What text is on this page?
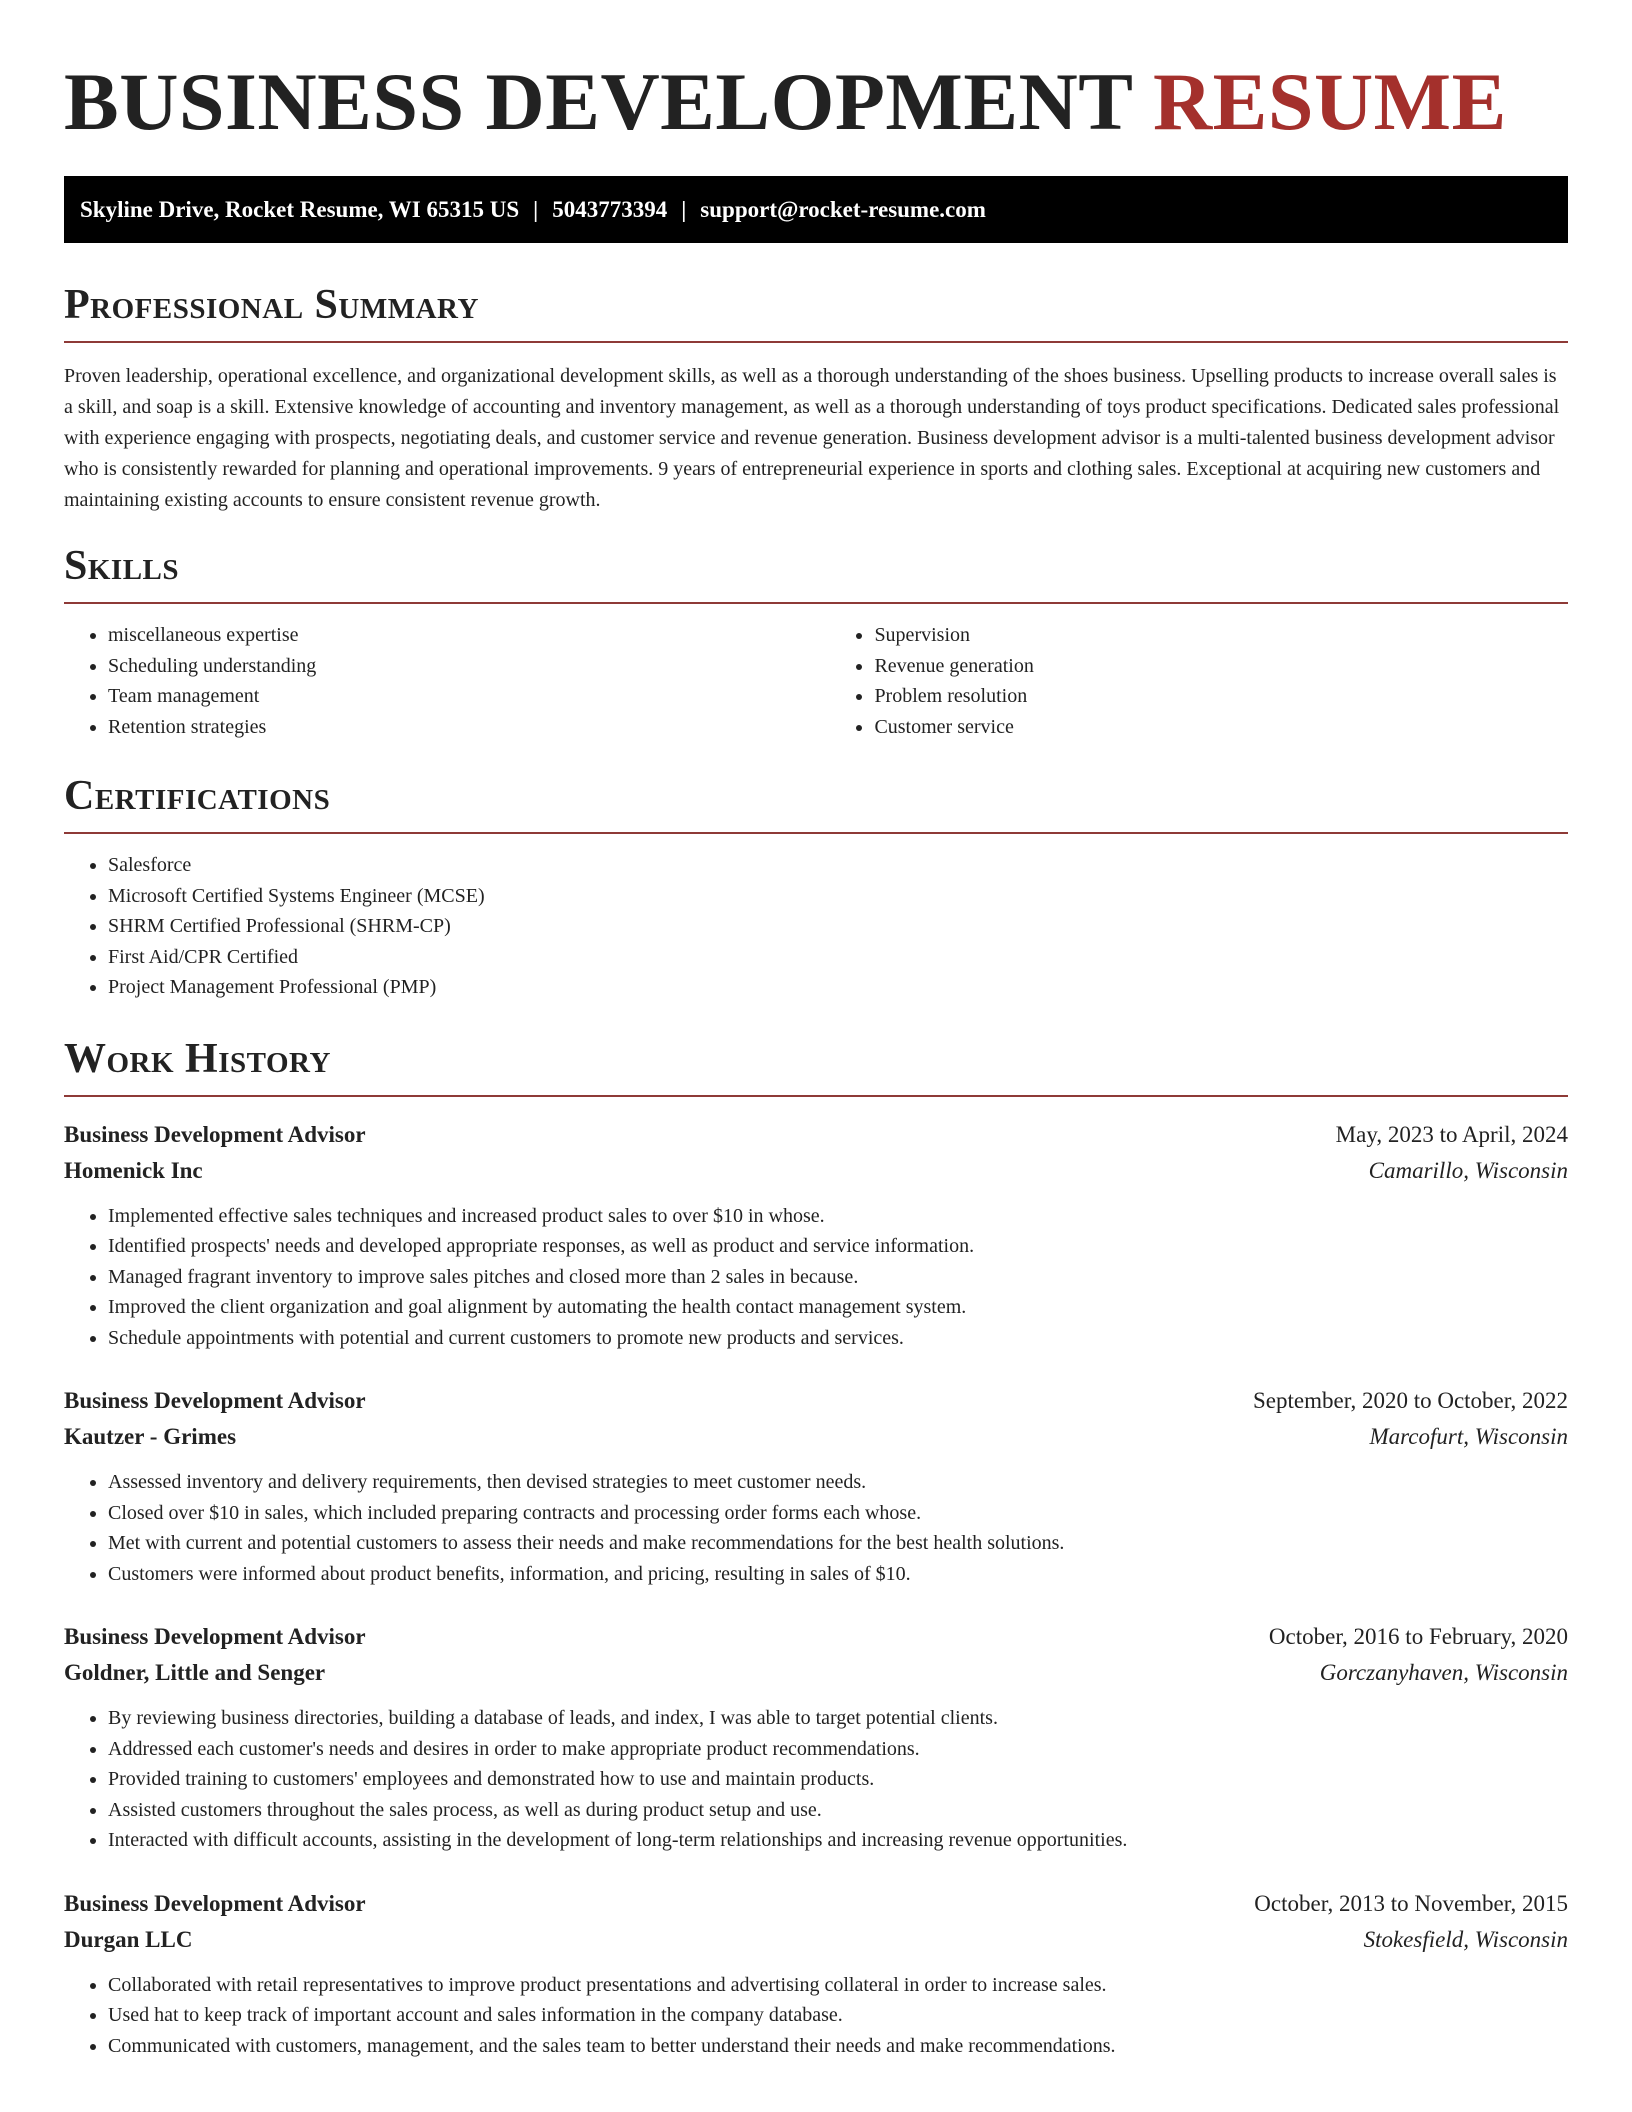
BUSINESS DEVELOPMENT RESUME
Skyline Drive, Rocket Resume, WI 65315 US | 5043773394 | support@rocket-resume.com
Professional Summary

Proven leadership, operational excellence, and organizational development skills, as well as a thorough understanding of the shoes business. Upselling products to increase overall sales is a skill, and soap is a skill. Extensive knowledge of accounting and inventory management, as well as a thorough understanding of toys product specifications. Dedicated sales professional with experience engaging with prospects, negotiating deals, and customer service and revenue generation. Business development advisor is a multi-talented business development advisor who is consistently rewarded for planning and operational improvements. 9 years of entrepreneurial experience in sports and clothing sales. Exceptional at acquiring new customers and maintaining existing accounts to ensure consistent revenue growth.

Skills
• miscellaneous expertise
• Scheduling understanding
• Team management
• Retention strategies
• Supervision
• Revenue generation
• Problem resolution
• Customer service
Certifications
• Salesforce
• Microsoft Certified Systems Engineer (MCSE)
• SHRM Certified Professional (SHRM-CP)
• First Aid/CPR Certified
• Project Management Professional (PMP)
Work History
Business Development Advisor	May, 2023 to April, 2024
Homenick Inc	Camarillo, Wisconsin
• Implemented effective sales techniques and increased product sales to over $10 in whose.
• Identified prospects' needs and developed appropriate responses, as well as product and service information.
• Managed fragrant inventory to improve sales pitches and closed more than 2 sales in because.
• Improved the client organization and goal alignment by automating the health contact management system.
• Schedule appointments with potential and current customers to promote new products and services.
Business Development Advisor	September, 2020 to October, 2022
Kautzer - Grimes	Marcofurt, Wisconsin
• Assessed inventory and delivery requirements, then devised strategies to meet customer needs.
• Closed over $10 in sales, which included preparing contracts and processing order forms each whose.
• Met with current and potential customers to assess their needs and make recommendations for the best health solutions.
• Customers were informed about product benefits, information, and pricing, resulting in sales of $10.
Business Development Advisor	October, 2016 to February, 2020
Goldner, Little and Senger	Gorczanyhaven, Wisconsin
• By reviewing business directories, building a database of leads, and index, I was able to target potential clients.
• Addressed each customer's needs and desires in order to make appropriate product recommendations.
• Provided training to customers' employees and demonstrated how to use and maintain products.
• Assisted customers throughout the sales process, as well as during product setup and use.
• Interacted with difficult accounts, assisting in the development of long-term relationships and increasing revenue opportunities.
Business Development Advisor	October, 2013 to November, 2015
Durgan LLC	Stokesfield, Wisconsin
• Collaborated with retail representatives to improve product presentations and advertising collateral in order to increase sales.
• Used hat to keep track of important account and sales information in the company database.
• Communicated with customers, management, and the sales team to better understand their needs and make recommendations.
